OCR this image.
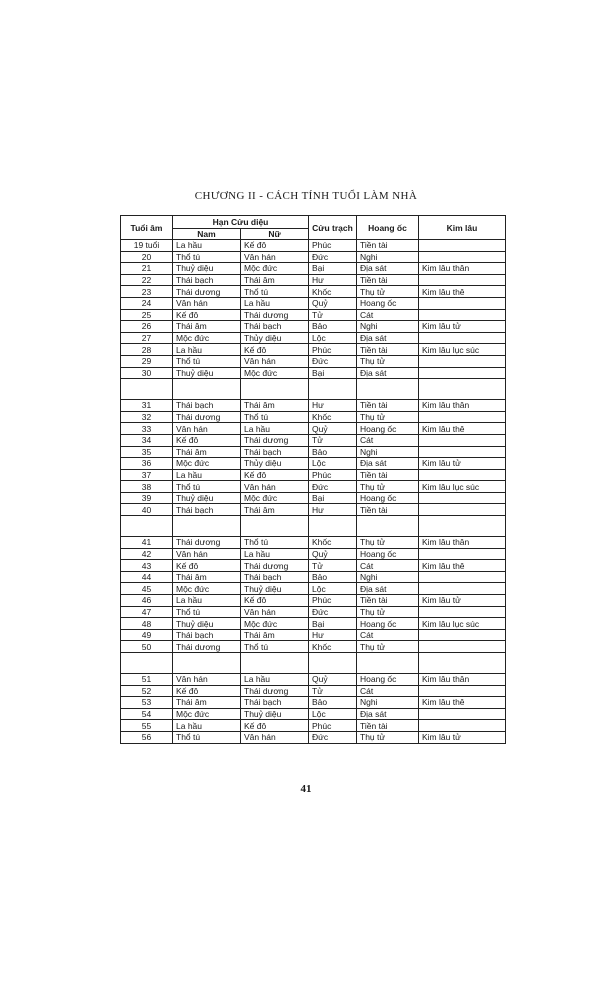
CHƯƠNG II - CÁCH TÍNH TUỔI LÀM NHÀ
Tuổi âm	Hạn Cửu diệu		Cửu trạch	Hoang ốc	Kim lâu
	Nam	Nữ			
19 tuổi	La hầu	Kế đô	Phúc	Tiền tài	
20	Thổ tú	Vân hán	Đức	Nghi	
21	Thuỷ diệu	Mộc đức	Bại	Địa sát	Kim lâu thân
22	Thái bạch	Thái âm	Hư	Tiền tài	
23	Thái dương	Thổ tú	Khốc	Thụ tử	Kim lâu thê
24	Vân hán	La hầu	Quỷ	Hoang ốc	
25	Kế đô	Thái dương	Tử	Cát	
26	Thái âm	Thái bạch	Bảo	Nghi	Kim lâu tử
27	Mộc đức	Thủy diệu	Lộc	Địa sát	
28	La hầu	Kế đô	Phúc	Tiền tài	Kim lâu lục súc
29	Thổ tú	Vân hán	Đức	Thụ tử	
30	Thuỷ diệu	Mộc đức	Bại	Địa sát	

31	Thái bạch	Thái âm	Hư	Tiền tài	Kim lâu thân
32	Thái dương	Thổ tú	Khốc	Thụ tử	
33	Vân hán	La hầu	Quỷ	Hoang ốc	Kim lâu thê
34	Kế đô	Thái dương	Tử	Cát	
35	Thái âm	Thái bạch	Bảo	Nghi	
36	Mộc đức	Thủy diệu	Lộc	Địa sát	Kim lâu tử
37	La hầu	Kế đô	Phúc	Tiền tài	
38	Thổ tú	Vân hán	Đức	Thụ tử	Kim lâu lục súc
39	Thuỷ diệu	Mộc đức	Bại	Hoang ốc	
40	Thái bạch	Thái âm	Hư	Tiền tài	

41	Thái dương	Thổ tú	Khốc	Thụ tử	Kim lâu thân
42	Vân hán	La hầu	Quỷ	Hoang ốc	
43	Kế đô	Thái dương	Tử	Cát	Kim lâu thê
44	Thái âm	Thái bạch	Bảo	Nghi	
45	Mộc đức	Thuỷ diệu	Lộc	Địa sát	
46	La hầu	Kế đô	Phúc	Tiền tài	Kim lâu tử
47	Thổ tú	Vân hán	Đức	Thụ tử	
48	Thuỷ diệu	Mộc đức	Bại	Hoang ốc	Kim lâu lục súc
49	Thái bạch	Thái âm	Hư	Cát	
50	Thái dương	Thổ tú	Khốc	Thụ tử	

51	Vân hán	La hầu	Quỷ	Hoang ốc	Kim lâu thân
52	Kế đô	Thái dương	Tử	Cát	
53	Thái âm	Thái bạch	Bảo	Nghi	Kim lâu thê
54	Mộc đức	Thuỷ diệu	Lộc	Địa sát	
55	La hầu	Kế đô	Phúc	Tiền tài	
56	Thổ tú	Vân hán	Đức	Thụ tử	Kim lâu tử
41
